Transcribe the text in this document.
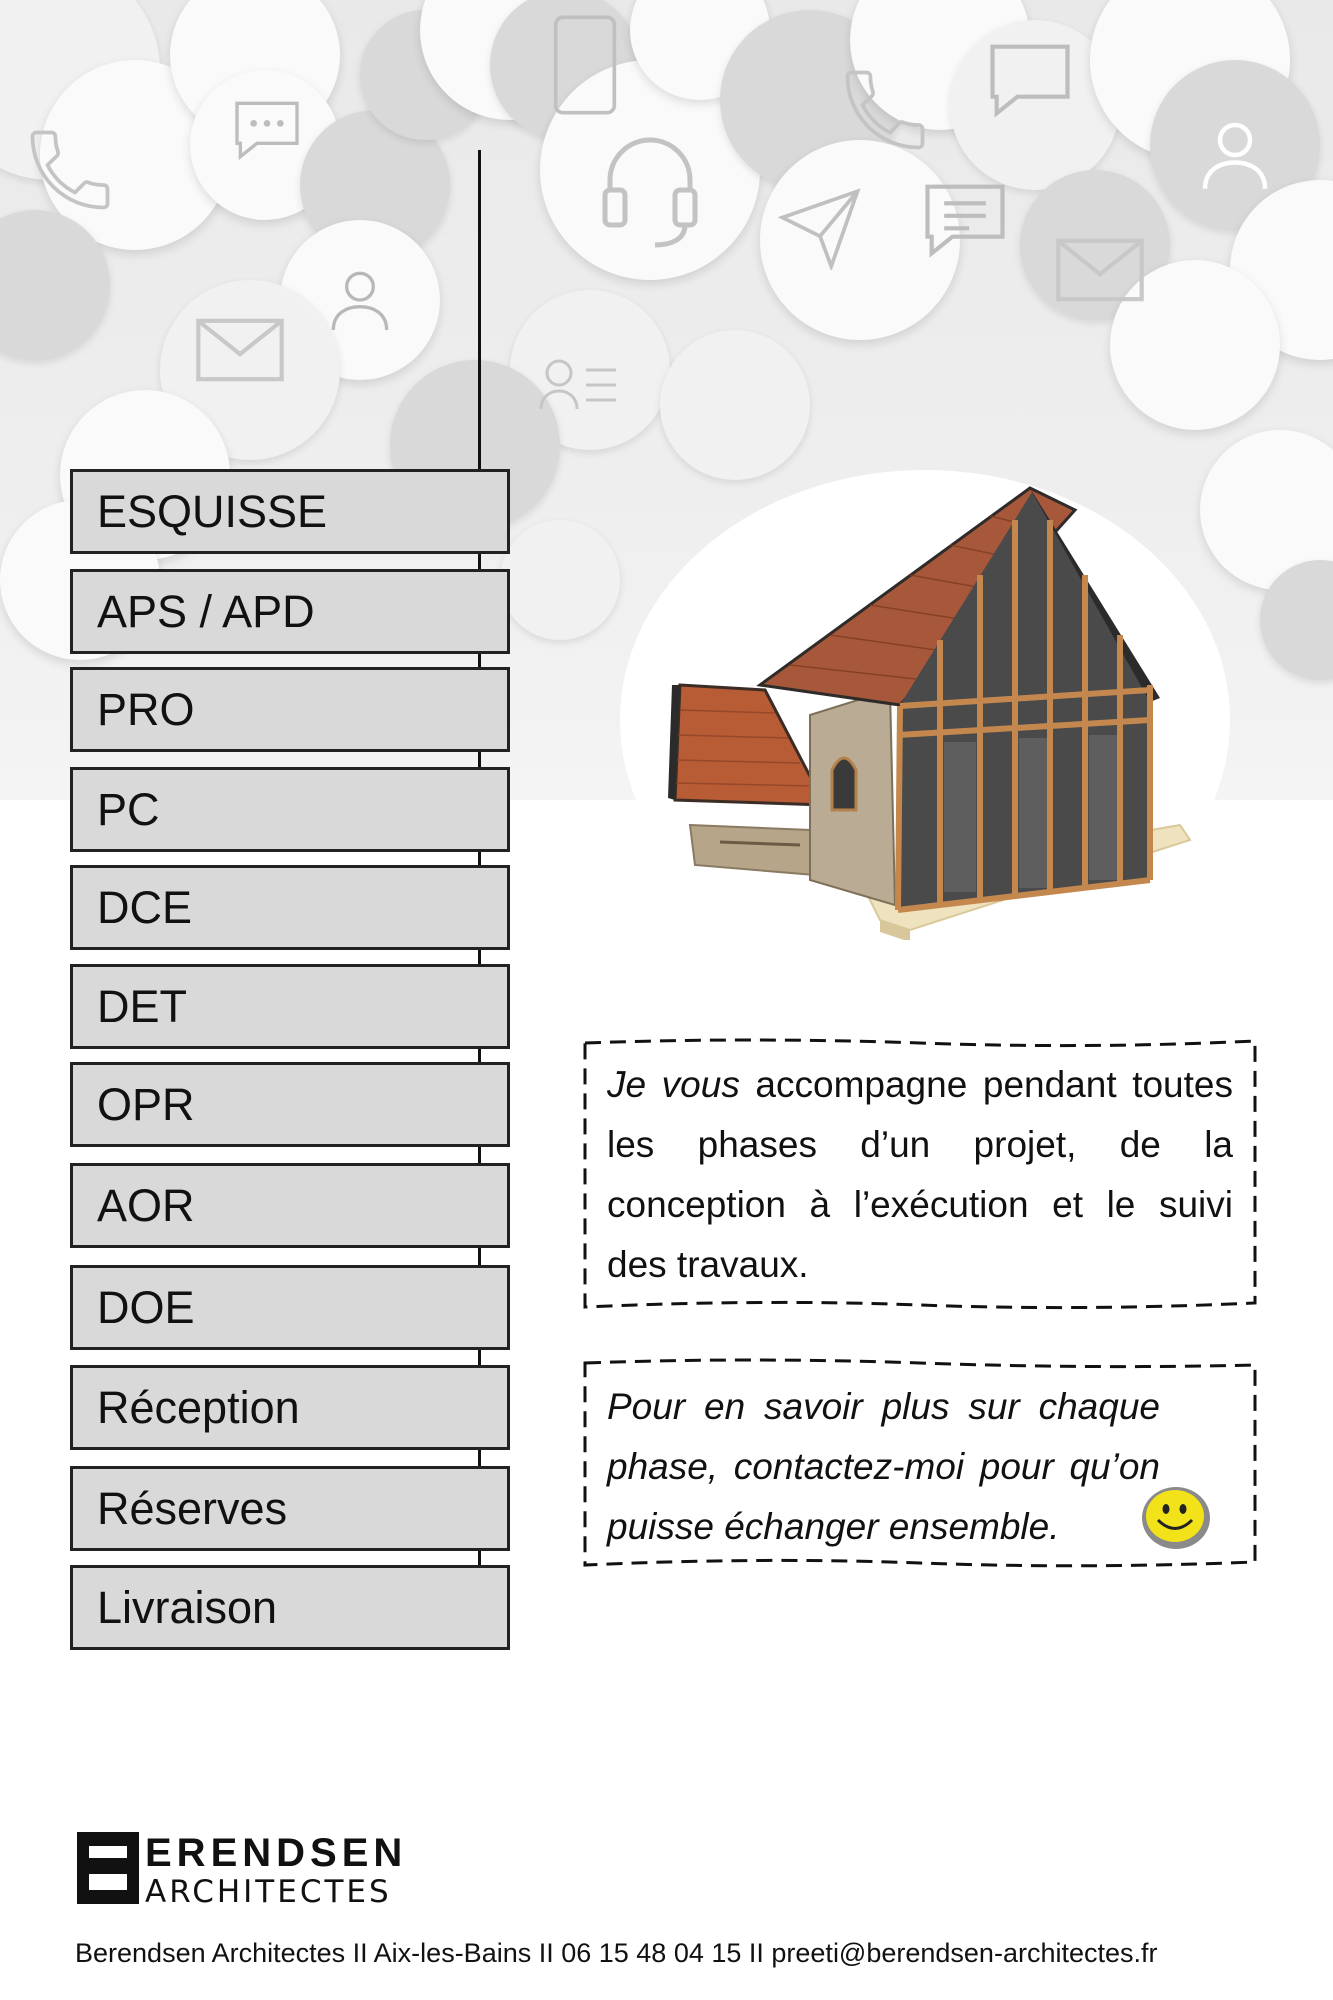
ESQUISSE
APS / APD
PRO
PC
DCE
DET
OPR
AOR
DOE
Réception
Réserves
Livraison
Je vous accompagne pendant toutes les phases d’un projet, de la conception à l’exécution et le suivi des travaux.
Pour en savoir plus sur chaque phase, contactez-moi pour qu’on puisse échanger ensemble.
ERENDSEN
ARCHITECTES
Berendsen Architectes II Aix-les-Bains II 06 15 48 04 15 II preeti@berendsen-architectes.fr
